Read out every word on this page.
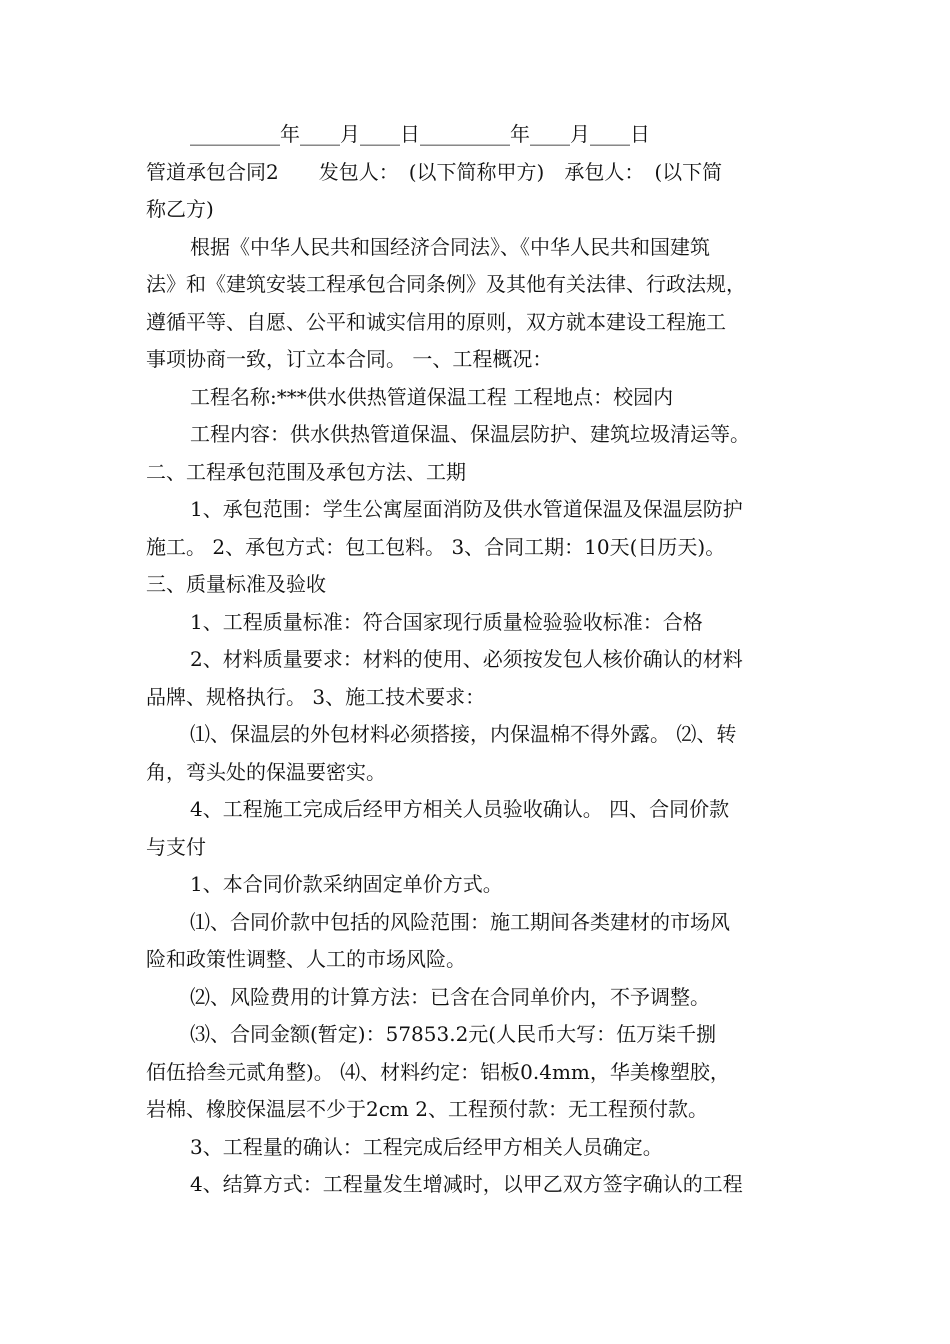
_________年____月____日_________年____月____日
管道承包合同2　　发包人：　(以下简称甲方)　承包人：　(以下简
称乙方)
根据《中华人民共和国经济合同法》、《中华人民共和国建筑
法》和《建筑安装工程承包合同条例》及其他有关法律、行政法规，
遵循平等、自愿、公平和诚实信用的原则，双方就本建设工程施工
事项协商一致，订立本合同。 一、工程概况：
工程名称:***供水供热管道保温工程 工程地点：校园内
工程内容：供水供热管道保温、保温层防护、建筑垃圾清运等。
二、工程承包范围及承包方法、工期
1、承包范围：学生公寓屋面消防及供水管道保温及保温层防护
施工。 2、承包方式：包工包料。 3、合同工期：10天(日历天)。
三、质量标准及验收
1、工程质量标准：符合国家现行质量检验验收标准：合格
2、材料质量要求：材料的使用、必须按发包人核价确认的材料
品牌、规格执行。 3、施工技术要求：
⑴、保温层的外包材料必须搭接，内保温棉不得外露。 ⑵、转
角，弯头处的保温要密实。
4、工程施工完成后经甲方相关人员验收确认。 四、合同价款
与支付
1、本合同价款采纳固定单价方式。
⑴、合同价款中包括的风险范围：施工期间各类建材的市场风
险和政策性调整、人工的市场风险。
⑵、风险费用的计算方法：已含在合同单价内，不予调整。
⑶、合同金额(暂定)：57853.2元(人民币大写：伍万柒千捌
佰伍拾叁元贰角整)。 ⑷、材料约定：铝板0.4mm，华美橡塑胶，
岩棉、橡胶保温层不少于2cm 2、工程预付款：无工程预付款。
3、工程量的确认：工程完成后经甲方相关人员确定。
4、结算方式：工程量发生增减时，以甲乙双方签字确认的工程
